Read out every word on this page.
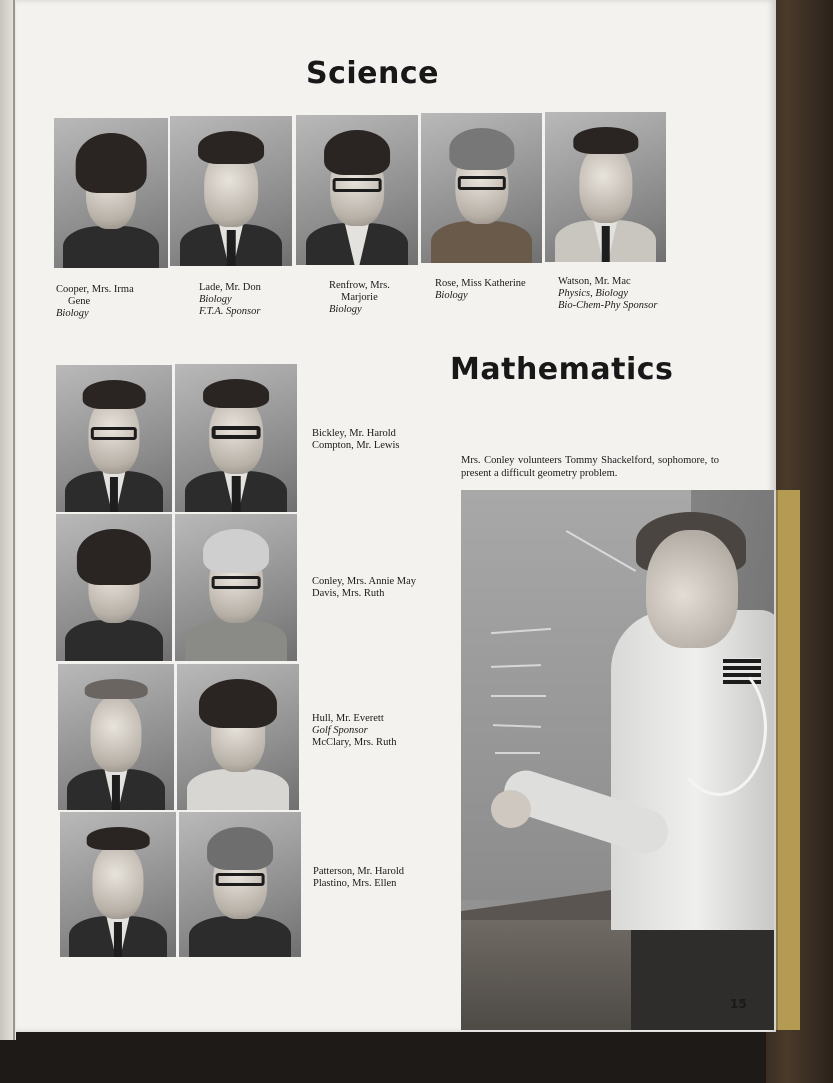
Science
Cooper, Mrs. Irma
Gene
Biology
Lade, Mr. Don
Biology
F.T.A. Sponsor
Renfrow, Mrs.
Marjorie
Biology
Rose, Miss Katherine
Biology
Watson, Mr. Mac
Physics, Biology
Bio-Chem-Phy Sponsor
Mathematics
Bickley, Mr. Harold
Compton, Mr. Lewis
Conley, Mrs. Annie May
Davis, Mrs. Ruth
Hull, Mr. Everett
Golf Sponsor
McClary, Mrs. Ruth
Patterson, Mr. Harold
Plastino, Mrs. Ellen
Mrs. Conley volunteers Tommy Shackelford, sophomore, to present a difficult geometry problem.
15
